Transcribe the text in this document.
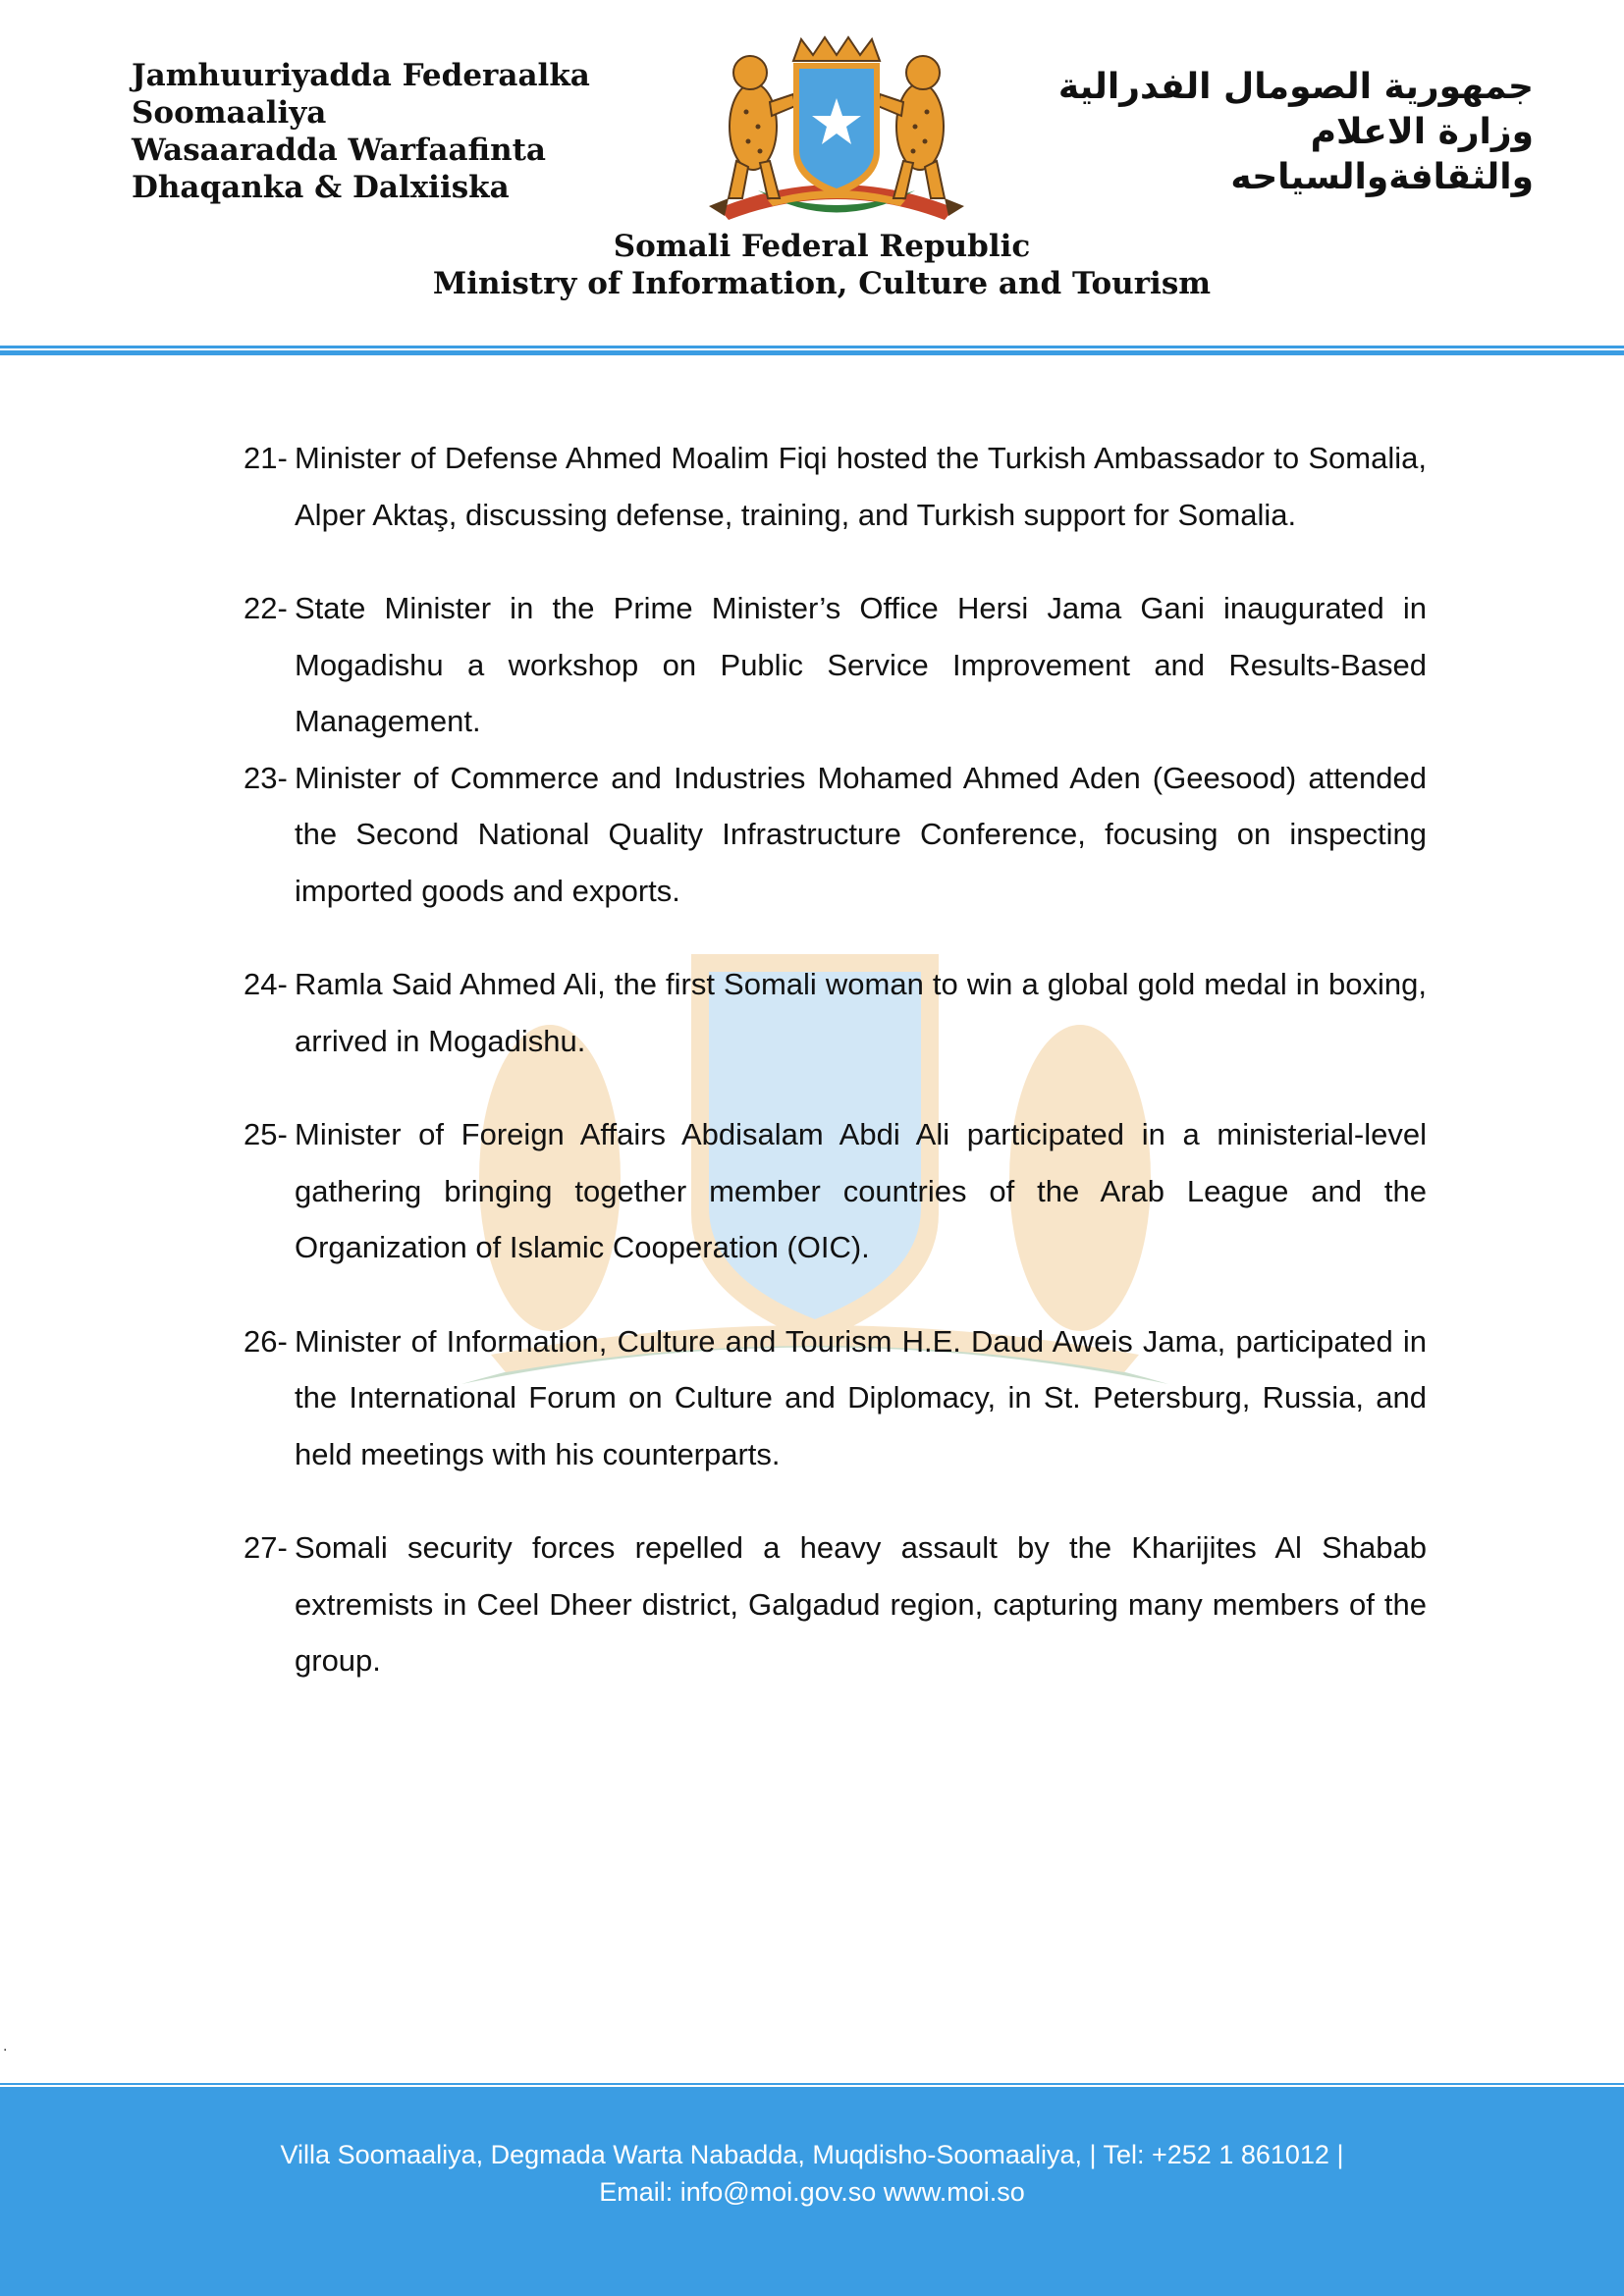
Jamhuuriyadda Federaalka
Soomaaliya
Wasaaradda Warfaafinta
Dhaqanka & Dalxiiska
جمهورية الصومال الفدرالية
وزارة الاعلام
والثقافةوالسياحه
Somali Federal Republic
Ministry of Information, Culture and Tourism
21- Minister of Defense Ahmed Moalim Fiqi hosted the Turkish Ambassador to Somalia, Alper Aktaş, discussing defense, training, and Turkish support for Somalia.
22- State Minister in the Prime Minister’s Office Hersi Jama Gani inaugurated in Mogadishu a workshop on Public Service Improvement and Results-Based Management.
23- Minister of Commerce and Industries Mohamed Ahmed Aden (Geesood) attended the Second National Quality Infrastructure Conference, focusing on inspecting imported goods and exports.
24- Ramla Said Ahmed Ali, the first Somali woman to win a global gold medal in boxing, arrived in Mogadishu.
25- Minister of Foreign Affairs Abdisalam Abdi Ali participated in a ministerial-level gathering bringing together member countries of the Arab League and the Organization of Islamic Cooperation (OIC).
26- Minister of Information, Culture and Tourism H.E. Daud Aweis Jama, participated in the International Forum on Culture and Diplomacy, in St. Petersburg, Russia, and held meetings with his counterparts.
27- Somali security forces repelled a heavy assault by the Kharijites Al Shabab extremists in Ceel Dheer district, Galgadud region, capturing many members of the group.
.
Villa Soomaaliya, Degmada Warta Nabadda, Muqdisho-Soomaaliya, | Tel: +252 1 861012 |
Email: info@moi.gov.so www.moi.so
